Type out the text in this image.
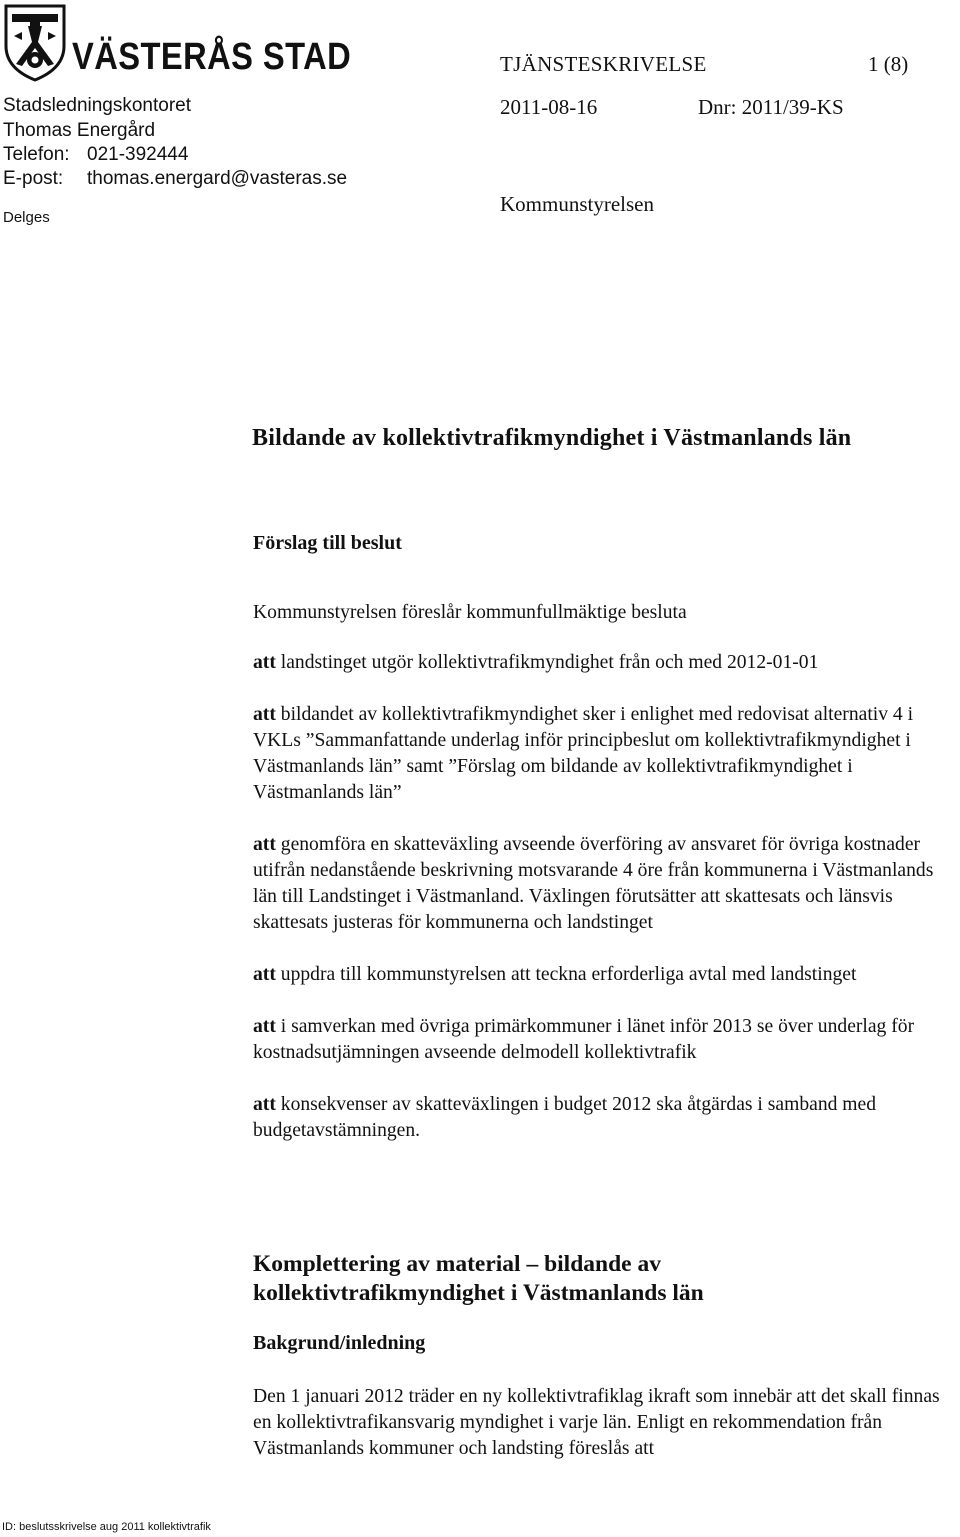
VÄSTERÅS STAD	TJÄNSTESKRIVELSE	1 (8)
2011-08-16	Dnr: 2011/39-KS
Kommunstyrelsen
Stadsledningskontoret
Thomas Energård
Telefon: 021-392444
E-post: thomas.energard@vasteras.se
Delges
Bildande av kollektivtrafikmyndighet i Västmanlands län
Förslag till beslut

Kommunstyrelsen föreslår kommunfullmäktige besluta

att landstinget utgör kollektivtrafikmyndighet från och med 2012-01-01

att bildandet av kollektivtrafikmyndighet sker i enlighet med redovisat alternativ 4 i VKLs ”Sammanfattande underlag inför principbeslut om kollektivtrafikmyndighet i Västmanlands län” samt ”Förslag om bildande av kollektivtrafikmyndighet i Västmanlands län”

att genomföra en skatteväxling avseende överföring av ansvaret för övriga kostnader utifrån nedanstående beskrivning motsvarande 4 öre från kommunerna i Västmanlands län till Landstinget i Västmanland. Växlingen förutsätter att skattesats och länsvis skattesats justeras för kommunerna och landstinget

att uppdra till kommunstyrelsen att teckna erforderliga avtal med landstinget

att i samverkan med övriga primärkommuner i länet inför 2013 se över underlag för kostnadsutjämningen avseende delmodell kollektivtrafik

att konsekvenser av skatteväxlingen i budget 2012 ska åtgärdas i samband med budgetavstämningen.

Komplettering av material – bildande av
kollektivtrafikmyndighet i Västmanlands län
Bakgrund/inledning

Den 1 januari 2012 träder en ny kollektivtrafiklag ikraft som innebär att det skall finnas en kollektivtrafikansvarig myndighet i varje län. Enligt en rekommendation från Västmanlands kommuner och landsting föreslås att

ID: beslutsskrivelse aug 2011 kollektivtrafik
